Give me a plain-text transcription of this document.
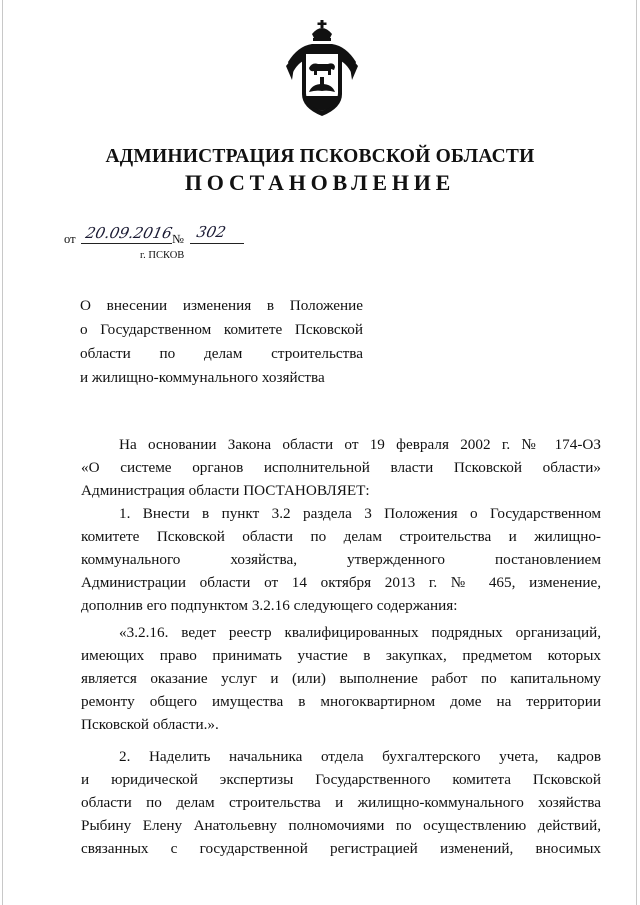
АДМИНИСТРАЦИЯ ПСКОВСКОЙ ОБЛАСТИ
ПОСТАНОВЛЕНИЕ
от 20.09.2016
№ 302
г. ПСКОВ
О внесении изменения в Положение
о Государственном комитете Псковской
области по делам строительства
и жилищно-коммунального хозяйства
На основании Закона области от 19 февраля 2002 г. № 174-ОЗ
«О системе органов исполнительной власти Псковской области»
Администрация области ПОСТАНОВЛЯЕТ:
1. Внести в пункт 3.2 раздела 3 Положения о Государственном
комитете Псковской области по делам строительства и жилищно-
коммунального хозяйства, утвержденного постановлением
Администрации области от 14 октября 2013 г. № 465, изменение,
дополнив его подпунктом 3.2.16 следующего содержания:
«3.2.16. ведет реестр квалифицированных подрядных организаций,
имеющих право принимать участие в закупках, предметом которых
является оказание услуг и (или) выполнение работ по капитальному
ремонту общего имущества в многоквартирном доме на территории
Псковской области.».
2. Наделить начальника отдела бухгалтерского учета, кадров
и юридической экспертизы Государственного комитета Псковской
области по делам строительства и жилищно-коммунального хозяйства
Рыбину Елену Анатольевну полномочиями по осуществлению действий,
связанных с государственной регистрацией изменений, вносимых
